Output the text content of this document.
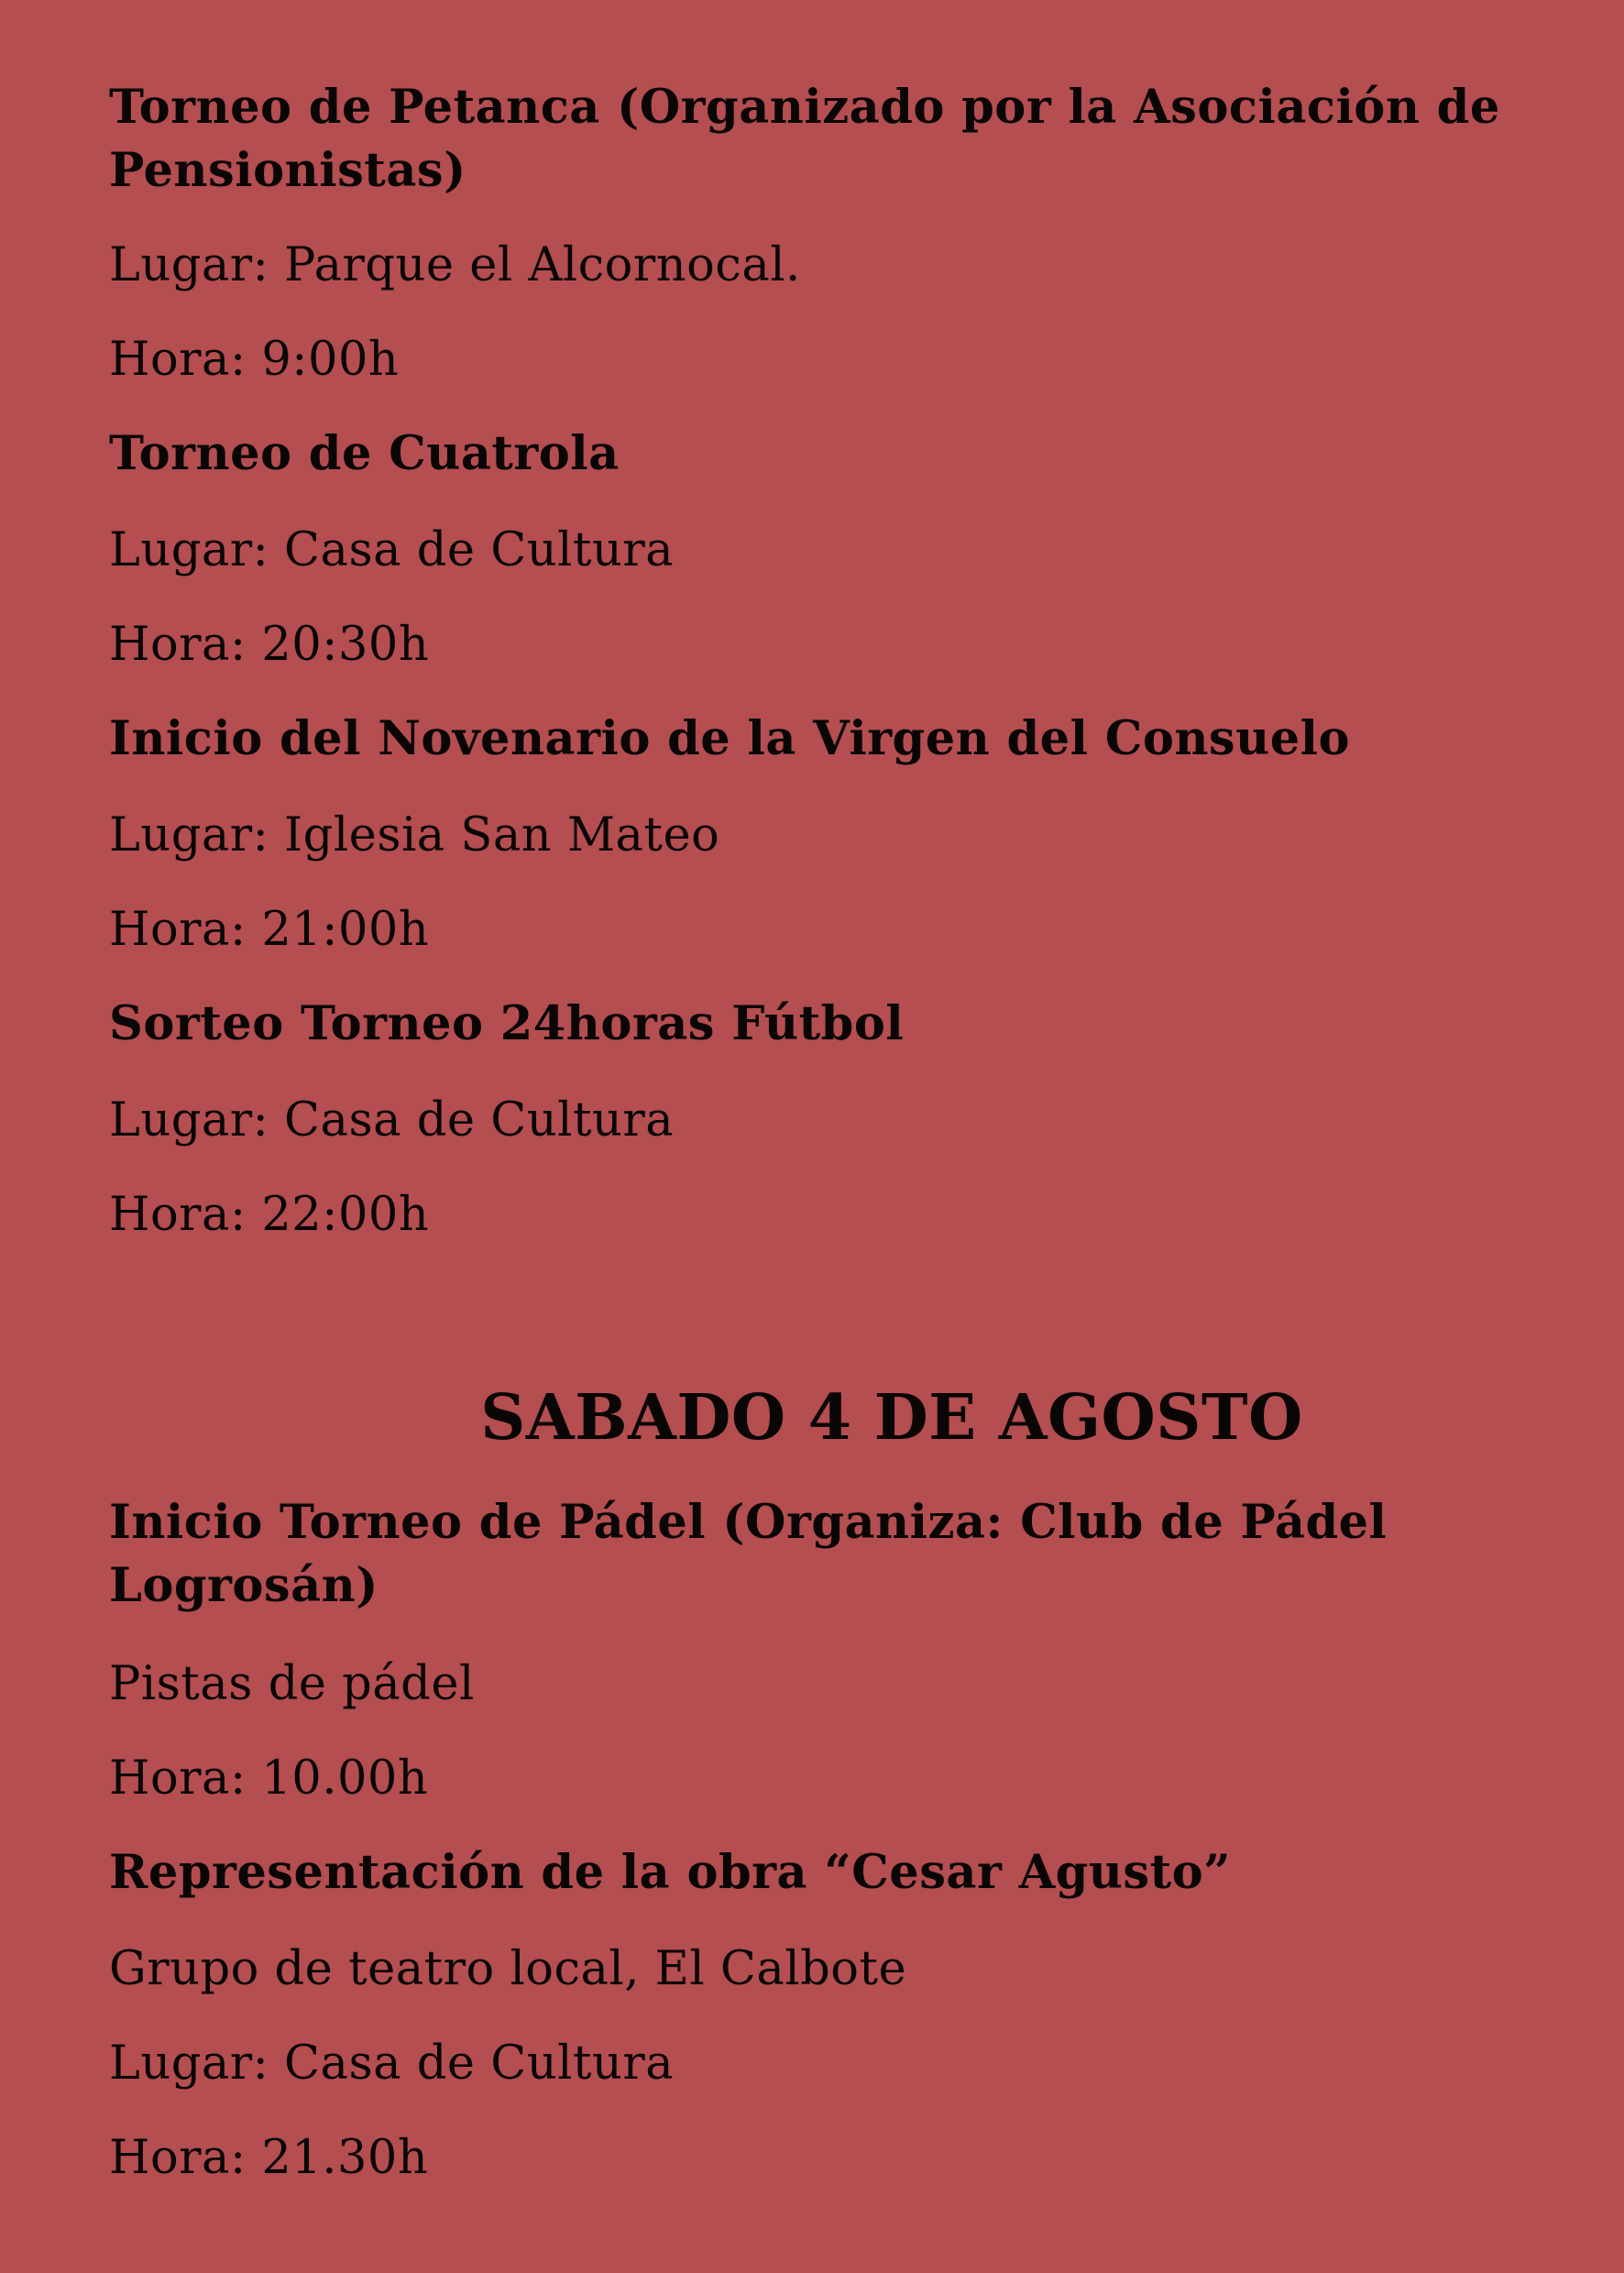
Torneo de Petanca (Organizado por la Asociación de Pensionistas)

Lugar: Parque el Alcornocal.

Hora: 9:00h

Torneo de Cuatrola

Lugar: Casa de Cultura

Hora: 20:30h

Inicio del Novenario de la Virgen del Consuelo

Lugar: Iglesia San Mateo

Hora: 21:00h

Sorteo Torneo 24horas Fútbol

Lugar: Casa de Cultura

Hora: 22:00h

SABADO 4 DE AGOSTO

Inicio Torneo de Pádel (Organiza: Club de Pádel Logrosán)

Pistas de pádel

Hora: 10.00h

Representación de la obra “Cesar Agusto”

Grupo de teatro local, El Calbote

Lugar: Casa de Cultura

Hora: 21.30h
